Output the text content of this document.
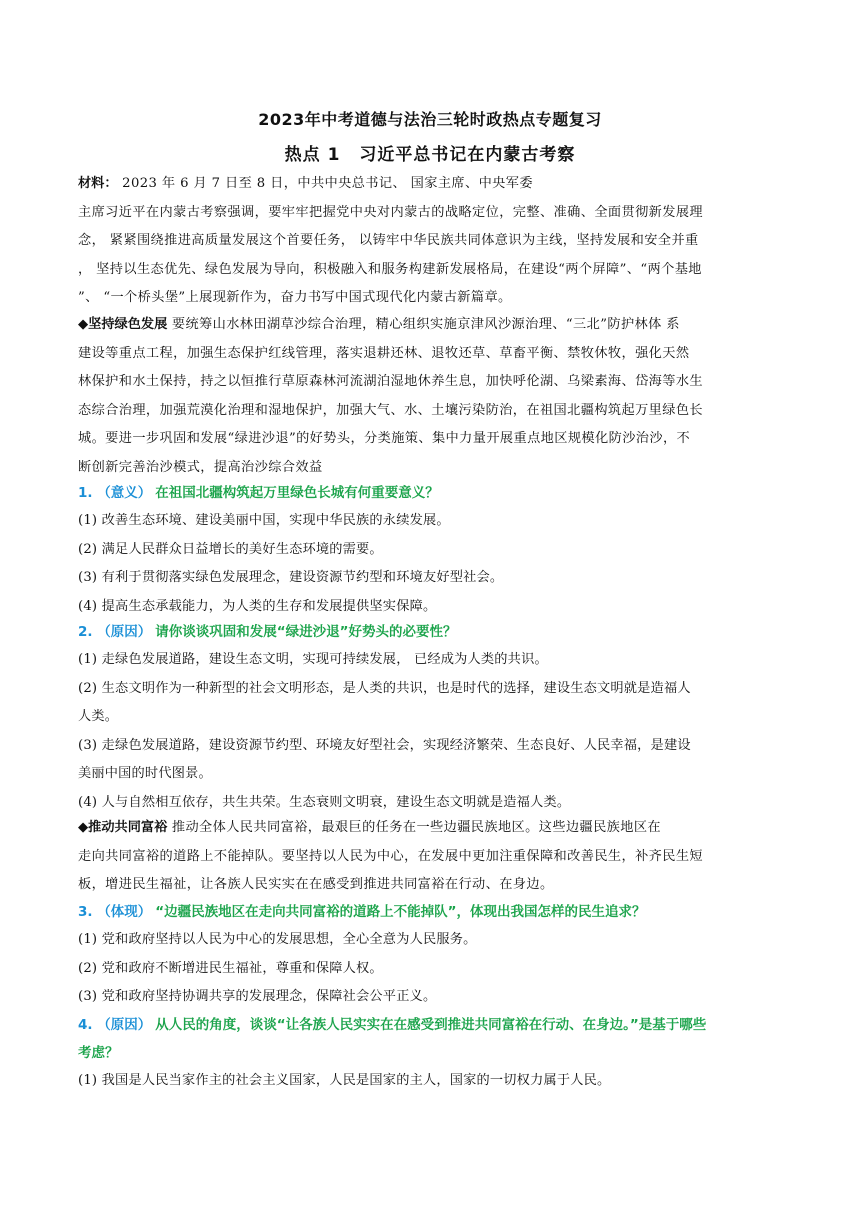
2023年中考道德与法治三轮时政热点专题复习
热点 1 习近平总书记在内蒙古考察
材料： 2023 年 6 月 7 日至 8 日，中共中央总书记、 国家主席、中央军委
主席习近平在内蒙古考察强调，要牢牢把握党中央对内蒙古的战略定位，完整、准确、全面贯彻新发展理
念， 紧紧围绕推进高质量发展这个首要任务， 以铸牢中华民族共同体意识为主线，坚持发展和安全并重
， 坚持以生态优先、绿色发展为导向，积极融入和服务构建新发展格局，在建设“两个屏障”、“两个基地
”、 “一个桥头堡”上展现新作为，奋力书写中国式现代化内蒙古新篇章。
◆坚持绿色发展 要统筹山水林田湖草沙综合治理，精心组织实施京津风沙源治理、“三北”防护林体 系
建设等重点工程，加强生态保护红线管理，落实退耕还林、退牧还草、草畜平衡、禁牧休牧，强化天然
林保护和水土保持，持之以恒推行草原森林河流湖泊湿地休养生息，加快呼伦湖、乌梁素海、岱海等水生
态综合治理，加强荒漠化治理和湿地保护，加强大气、水、土壤污染防治，在祖国北疆构筑起万里绿色长
城。要进一步巩固和发展“绿进沙退”的好势头，分类施策、集中力量开展重点地区规模化防沙治沙，不
断创新完善治沙模式，提高治沙综合效益
1. （意义） 在祖国北疆构筑起万里绿色长城有何重要意义？
(1) 改善生态环境、建设美丽中国，实现中华民族的永续发展。
(2) 满足人民群众日益增长的美好生态环境的需要。
(3) 有利于贯彻落实绿色发展理念，建设资源节约型和环境友好型社会。
(4) 提高生态承载能力，为人类的生存和发展提供坚实保障。
2. （原因） 请你谈谈巩固和发展“绿进沙退”好势头的必要性？
(1) 走绿色发展道路，建设生态文明，实现可持续发展， 已经成为人类的共识。
(2) 生态文明作为一种新型的社会文明形态，是人类的共识，也是时代的选择，建设生态文明就是造福人
人类。
(3) 走绿色发展道路，建设资源节约型、环境友好型社会，实现经济繁荣、生态良好、人民幸福，是建设
美丽中国的时代图景。
(4) 人与自然相互依存，共生共荣。生态衰则文明衰，建设生态文明就是造福人类。
◆推动共同富裕 推动全体人民共同富裕，最艰巨的任务在一些边疆民族地区。这些边疆民族地区在
走向共同富裕的道路上不能掉队。要坚持以人民为中心，在发展中更加注重保障和改善民生，补齐民生短
板，增进民生福祉，让各族人民实实在在感受到推进共同富裕在行动、在身边。
3. （体现） “边疆民族地区在走向共同富裕的道路上不能掉队”，体现出我国怎样的民生追求？
(1) 党和政府坚持以人民为中心的发展思想，全心全意为人民服务。
(2) 党和政府不断增进民生福祉，尊重和保障人权。
(3) 党和政府坚持协调共享的发展理念，保障社会公平正义。
4. （原因） 从人民的角度，谈谈“让各族人民实实在在感受到推进共同富裕在行动、在身边。”是基于哪些
考虑？
(1) 我国是人民当家作主的社会主义国家，人民是国家的主人，国家的一切权力属于人民。
